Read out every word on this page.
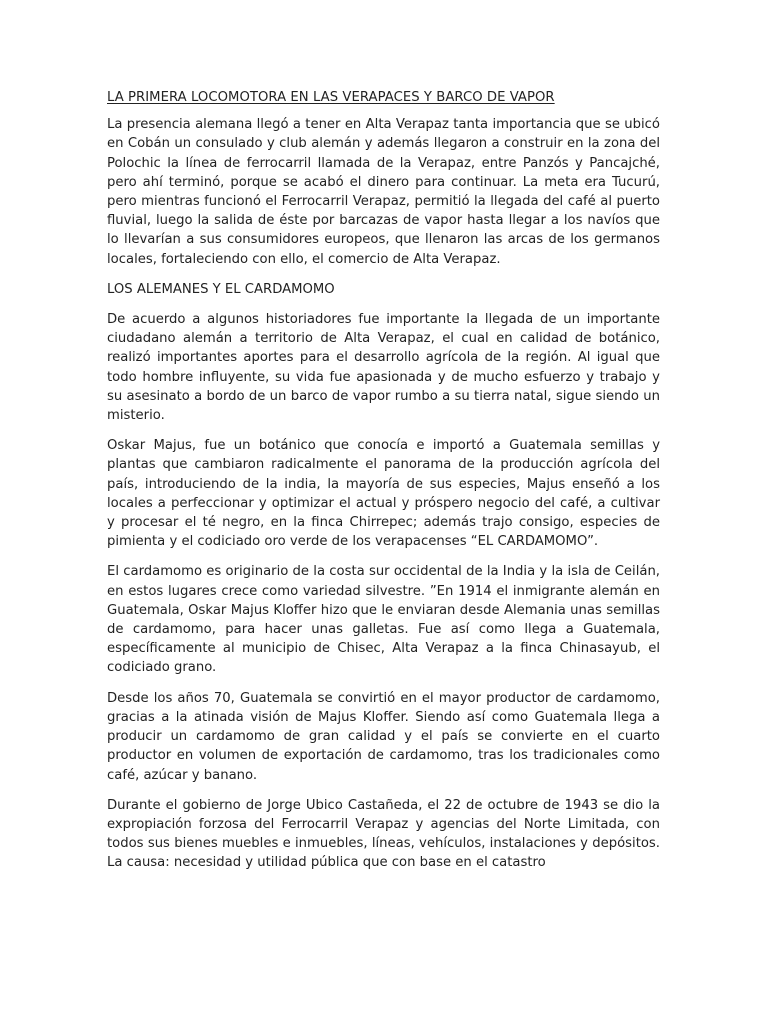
LA PRIMERA LOCOMOTORA EN LAS VERAPACES Y BARCO DE VAPOR

La presencia alemana llegó a tener en Alta Verapaz tanta importancia que se ubicó en Cobán un consulado y club alemán y además llegaron a construir en la zona del Polochic la línea de ferrocarril llamada de la Verapaz, entre Panzós y Pancajché, pero ahí terminó, porque se acabó el dinero para continuar. La meta era Tucurú, pero mientras funcionó el Ferrocarril Verapaz, permitió la llegada del café al puerto fluvial, luego la salida de éste por barcazas de vapor hasta llegar a los navíos que lo llevarían a sus consumidores europeos, que llenaron las arcas de los germanos locales, fortaleciendo con ello, el comercio de Alta Verapaz.

LOS ALEMANES Y EL CARDAMOMO

De acuerdo a algunos historiadores fue importante la llegada de un importante ciudadano alemán a territorio de Alta Verapaz, el cual en calidad de botánico, realizó importantes aportes para el desarrollo agrícola de la región. Al igual que todo hombre influyente, su vida fue apasionada y de mucho esfuerzo y trabajo y su asesinato a bordo de un barco de vapor rumbo a su tierra natal, sigue siendo un misterio.

Oskar Majus, fue un botánico que conocía e importó a Guatemala semillas y plantas que cambiaron radicalmente el panorama de la producción agrícola del país, introduciendo de la india, la mayoría de sus especies, Majus enseñó a los locales a perfeccionar y optimizar el actual y próspero negocio del café, a cultivar y procesar el té negro, en la finca Chirrepec; además trajo consigo, especies de pimienta y el codiciado oro verde de los verapacenses “EL CARDAMOMO”.

El cardamomo es originario de la costa sur occidental de la India y la isla de Ceilán, en estos lugares crece como variedad silvestre. ”En 1914 el inmigrante alemán en Guatemala, Oskar Majus Kloffer hizo que le enviaran desde Alemania unas semillas de cardamomo, para hacer unas galletas. Fue así como llega a Guatemala, específicamente al municipio de Chisec, Alta Verapaz a la finca Chinasayub, el codiciado grano.

Desde los años 70, Guatemala se convirtió en el mayor productor de cardamomo, gracias a la atinada visión de Majus Kloffer. Siendo así como Guatemala llega a producir un cardamomo de gran calidad y el país se convierte en el cuarto productor en volumen de exportación de cardamomo, tras los tradicionales como café, azúcar y banano.

Durante el gobierno de Jorge Ubico Castañeda, el 22 de octubre de 1943 se dio la expropiación forzosa del Ferrocarril Verapaz y agencias del Norte Limitada, con todos sus bienes muebles e inmuebles, líneas, vehículos, instalaciones y depósitos. La causa: necesidad y utilidad pública que con base en el catastro
